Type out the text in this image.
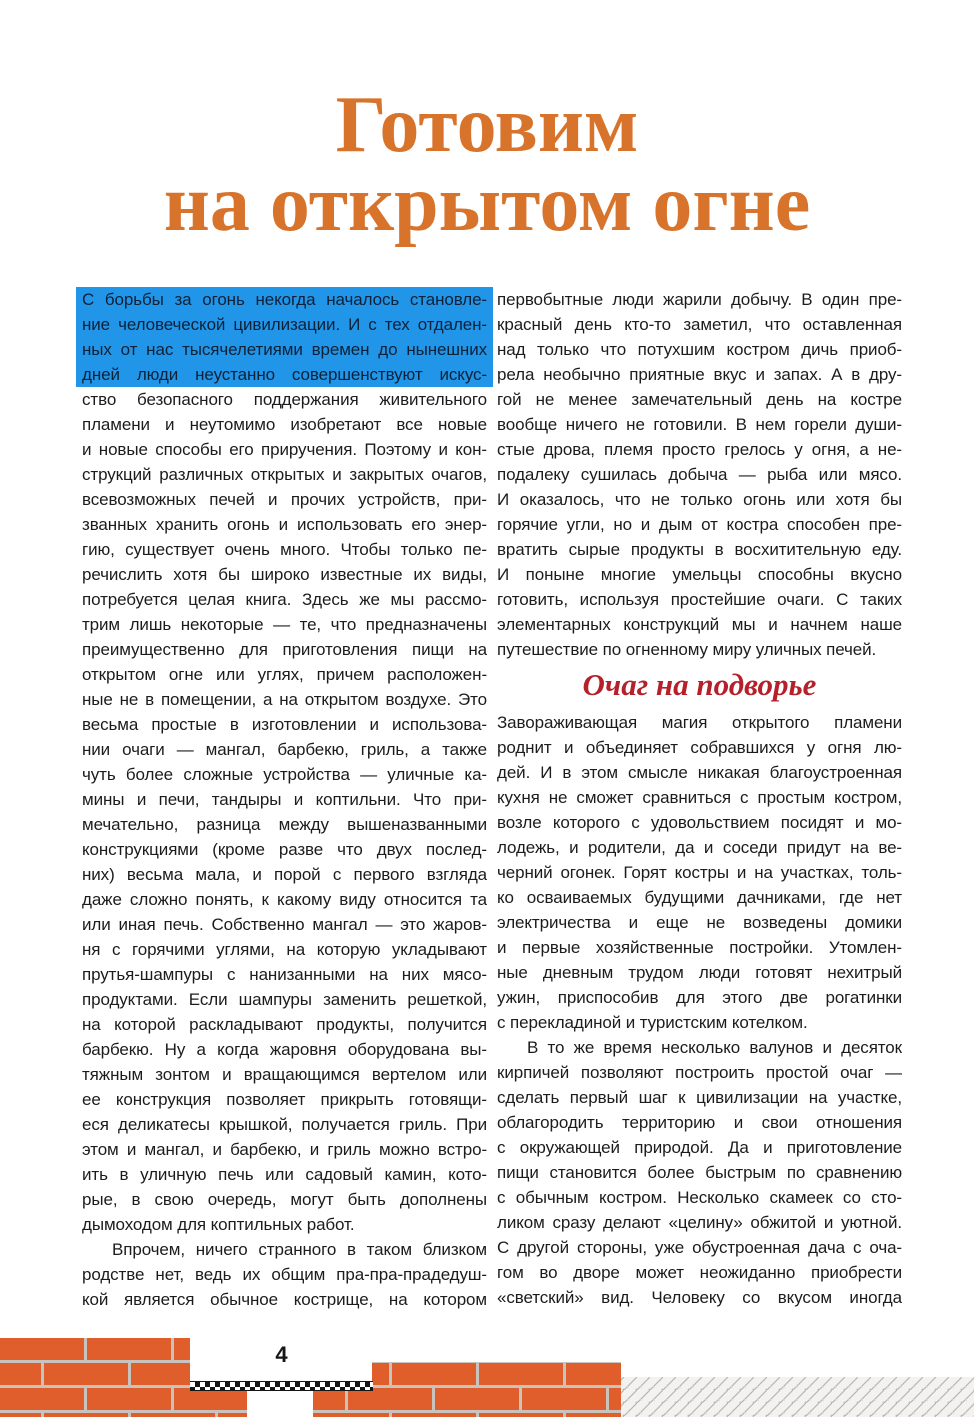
Готовим
на открытом огне
С борьбы за огонь некогда началось становле-
ние человеческой цивилизации. И с тех отдален-
ных от нас тысячелетиями времен до нынешних
дней люди неустанно совершенствуют искус-
ство безопасного поддержания живительного
пламени и неутомимо изобретают все новые
и новые способы его приручения. Поэтому и кон-
струкций различных открытых и закрытых очагов,
всевозможных печей и прочих устройств, при-
званных хранить огонь и использовать его энер-
гию, существует очень много. Чтобы только пе-
речислить хотя бы широко известные их виды,
потребуется целая книга. Здесь же мы рассмо-
трим лишь некоторые — те, что предназначены
преимущественно для приготовления пищи на
открытом огне или углях, причем расположен-
ные не в помещении, а на открытом воздухе. Это
весьма простые в изготовлении и использова-
нии очаги — мангал, барбекю, гриль, а также
чуть более сложные устройства — уличные ка-
мины и печи, тандыры и коптильни. Что при-
мечательно, разница между вышеназванными
конструкциями (кроме разве что двух послед-
них) весьма мала, и порой с первого взгляда
даже сложно понять, к какому виду относится та
или иная печь. Собственно мангал — это жаров-
ня с горячими углями, на которую укладывают
прутья-шампуры с нанизанными на них мясо-
продуктами. Если шампуры заменить решеткой,
на которой раскладывают продукты, получится
барбекю. Ну а когда жаровня оборудована вы-
тяжным зонтом и вращающимся вертелом или
ее конструкция позволяет прикрыть готовящи-
еся деликатесы крышкой, получается гриль. При
этом и мангал, и барбекю, и гриль можно встро-
ить в уличную печь или садовый камин, кото-
рые, в свою очередь, могут быть дополнены
дымоходом для коптильных работ.
Впрочем, ничего странного в таком близком
родстве нет, ведь их общим пра-пра-прадедуш-
кой является обычное кострище, на котором
первобытные люди жарили добычу. В один пре-
красный день кто-то заметил, что оставленная
над только что потухшим костром дичь приоб-
рела необычно приятные вкус и запах. А в дру-
гой не менее замечательный день на костре
вообще ничего не готовили. В нем горели души-
стые дрова, племя просто грелось у огня, а не-
подалеку сушилась добыча — рыба или мясо.
И оказалось, что не только огонь или хотя бы
горячие угли, но и дым от костра способен пре-
вратить сырые продукты в восхитительную еду.
И поныне многие умельцы способны вкусно
готовить, используя простейшие очаги. С таких
элементарных конструкций мы и начнем наше
путешествие по огненному миру уличных печей.
Очаг на подворье
Завораживающая магия открытого пламени
роднит и объединяет собравшихся у огня лю-
дей. И в этом смысле никакая благоустроенная
кухня не сможет сравниться с простым костром,
возле которого с удовольствием посидят и мо-
лодежь, и родители, да и соседи придут на ве-
черний огонек. Горят костры и на участках, толь-
ко осваиваемых будущими дачниками, где нет
электричества и еще не возведены домики
и первые хозяйственные постройки. Утомлен-
ные дневным трудом люди готовят нехитрый
ужин, приспособив для этого две рогатинки
с перекладиной и туристским котелком.
В то же время несколько валунов и десяток
кирпичей позволяют построить простой очаг —
сделать первый шаг к цивилизации на участке,
облагородить территорию и свои отношения
с окружающей природой. Да и приготовление
пищи становится более быстрым по сравнению
с обычным костром. Несколько скамеек со сто-
ликом сразу делают «целину» обжитой и уютной.
С другой стороны, уже обустроенная дача с оча-
гом во дворе может неожиданно приобрести
«светский» вид. Человеку со вкусом иногда
4
